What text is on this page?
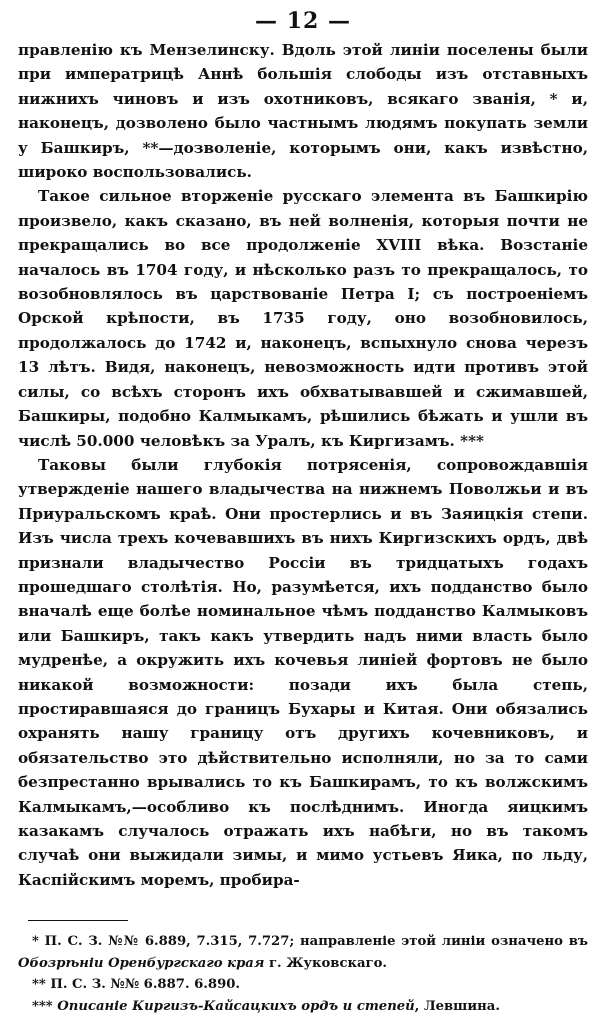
— 12 —

правленію къ Мензелинску. Вдоль этой линіи поселены были при императрицѣ Аннѣ большія слободы изъ отставныхъ нижнихъ чиновъ и изъ охотниковъ, всякаго званія, * и, наконецъ, дозволено было частнымъ людямъ покупать земли у Башкиръ, **—дозволеніе, которымъ они, какъ извѣстно, широко воспользовались.

Такое сильное вторженіе русскаго элемента въ Башкирію произвело, какъ сказано, въ ней волненія, которыя почти не прекращались во все продолженіе XVIII вѣка. Возстаніе началось въ 1704 году, и нѣсколько разъ то прекращалось, то возобновлялось въ царствованіе Петра I; съ построеніемъ Орской крѣпости, въ 1735 году, оно возобновилось, продолжалось до 1742 и, наконецъ, вспыхнуло снова черезъ 13 лѣтъ. Видя, наконецъ, невозможность идти противъ этой силы, со всѣхъ сторонъ ихъ обхватывавшей и сжимавшей, Башкиры, подобно Калмыкамъ, рѣшились бѣжать и ушли въ числѣ 50.000 человѣкъ за Уралъ, къ Киргизамъ. ***

Таковы были глубокія потрясенія, сопровождавшія утвержденіе нашего владычества на нижнемъ Поволжьи и въ Приуральскомъ краѣ. Они простерлись и въ Заяицкія степи. Изъ числа трехъ кочевавшихъ въ нихъ Киргизскихъ ордъ, двѣ признали владычество Россіи въ тридцатыхъ годахъ прошедшаго столѣтія. Но, разумѣется, ихъ подданство было вначалѣ еще болѣе номинальное чѣмъ подданство Калмыковъ или Башкиръ, такъ какъ утвердить надъ ними власть было мудренѣе, а окружить ихъ кочевья линіей фортовъ не было никакой возможности: позади ихъ была степь, простиравшаяся до границъ Бухары и Китая. Они обязались охранять нашу границу отъ другихъ кочевниковъ, и обязательство это дѣйствительно исполняли, но за то сами безпрестанно врывались то къ Башкирамъ, то къ волжскимъ Калмыкамъ,—особливо къ послѣднимъ. Иногда яицкимъ казакамъ случалось отражать ихъ набѣги, но въ такомъ случаѣ они выжидали зимы, и мимо устьевъ Яика, по льду, Каспійскимъ моремъ, пробира-

* П. С. З. №№ 6.889, 7.315, 7.727; направленіе этой линіи означено въ Обозрѣніи Оренбургскаго края г. Жуковскаго.
** П. С. З. №№ 6.887. 6.890.
*** Описаніе Киргизъ-Кайсацкихъ ордъ и степей, Левшина.
